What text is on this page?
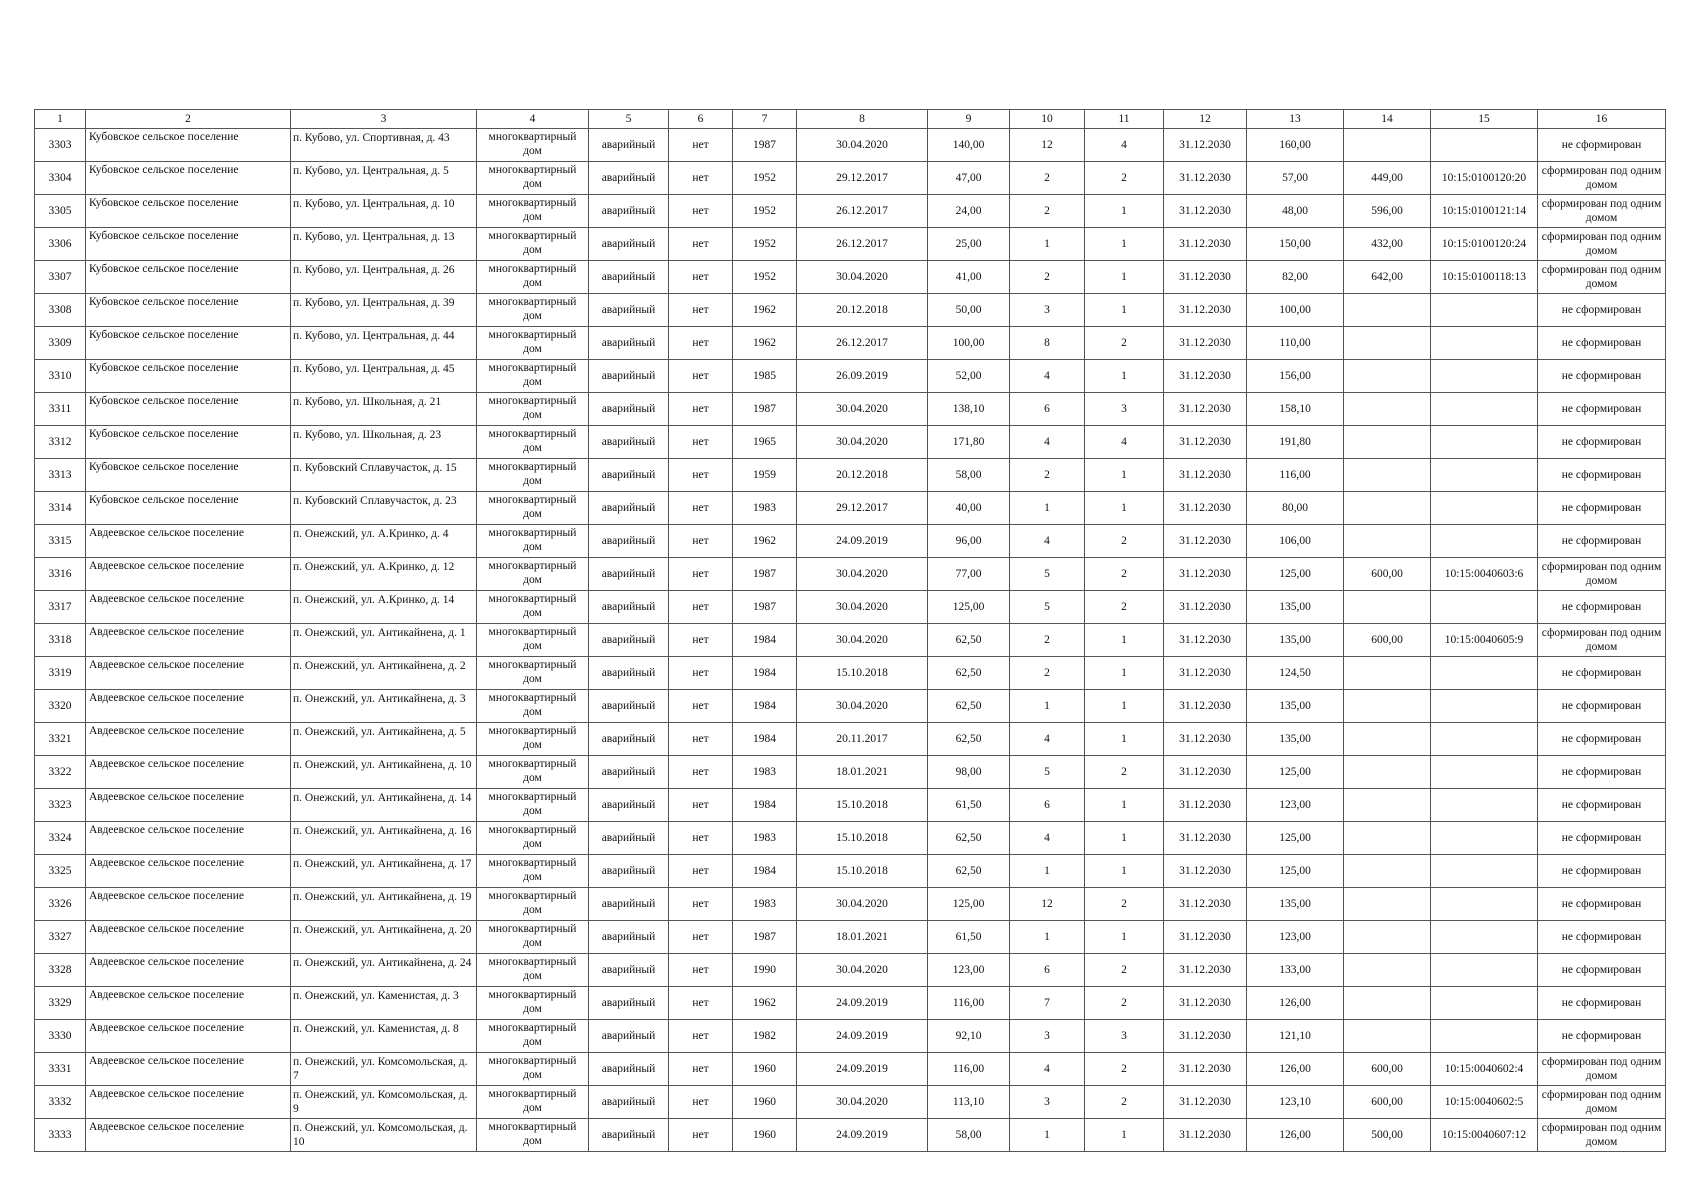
1	2	3	4	5	6	7	8	9	10	11	12	13	14	15	16
3303	Кубовское сельское поселение	п. Кубово, ул. Спортивная, д. 43	многоквартирный дом	аварийный	нет	1987	30.04.2020	140,00	12	4	31.12.2030	160,00			не сформирован
3304	Кубовское сельское поселение	п. Кубово, ул. Центральная, д. 5	многоквартирный дом	аварийный	нет	1952	29.12.2017	47,00	2	2	31.12.2030	57,00	449,00	10:15:0100120:20	сформирован под одним домом
3305	Кубовское сельское поселение	п. Кубово, ул. Центральная, д. 10	многоквартирный дом	аварийный	нет	1952	26.12.2017	24,00	2	1	31.12.2030	48,00	596,00	10:15:0100121:14	сформирован под одним домом
3306	Кубовское сельское поселение	п. Кубово, ул. Центральная, д. 13	многоквартирный дом	аварийный	нет	1952	26.12.2017	25,00	1	1	31.12.2030	150,00	432,00	10:15:0100120:24	сформирован под одним домом
3307	Кубовское сельское поселение	п. Кубово, ул. Центральная, д. 26	многоквартирный дом	аварийный	нет	1952	30.04.2020	41,00	2	1	31.12.2030	82,00	642,00	10:15:0100118:13	сформирован под одним домом
3308	Кубовское сельское поселение	п. Кубово, ул. Центральная, д. 39	многоквартирный дом	аварийный	нет	1962	20.12.2018	50,00	3	1	31.12.2030	100,00			не сформирован
3309	Кубовское сельское поселение	п. Кубово, ул. Центральная, д. 44	многоквартирный дом	аварийный	нет	1962	26.12.2017	100,00	8	2	31.12.2030	110,00			не сформирован
3310	Кубовское сельское поселение	п. Кубово, ул. Центральная, д. 45	многоквартирный дом	аварийный	нет	1985	26.09.2019	52,00	4	1	31.12.2030	156,00			не сформирован
3311	Кубовское сельское поселение	п. Кубово, ул. Школьная, д. 21	многоквартирный дом	аварийный	нет	1987	30.04.2020	138,10	6	3	31.12.2030	158,10			не сформирован
3312	Кубовское сельское поселение	п. Кубово, ул. Школьная, д. 23	многоквартирный дом	аварийный	нет	1965	30.04.2020	171,80	4	4	31.12.2030	191,80			не сформирован
3313	Кубовское сельское поселение	п. Кубовский Сплавучасток, д. 15	многоквартирный дом	аварийный	нет	1959	20.12.2018	58,00	2	1	31.12.2030	116,00			не сформирован
3314	Кубовское сельское поселение	п. Кубовский Сплавучасток, д. 23	многоквартирный дом	аварийный	нет	1983	29.12.2017	40,00	1	1	31.12.2030	80,00			не сформирован
3315	Авдеевское сельское поселение	п. Онежский, ул. А.Кринко, д. 4	многоквартирный дом	аварийный	нет	1962	24.09.2019	96,00	4	2	31.12.2030	106,00			не сформирован
3316	Авдеевское сельское поселение	п. Онежский, ул. А.Кринко, д. 12	многоквартирный дом	аварийный	нет	1987	30.04.2020	77,00	5	2	31.12.2030	125,00	600,00	10:15:0040603:6	сформирован под одним домом
3317	Авдеевское сельское поселение	п. Онежский, ул. А.Кринко, д. 14	многоквартирный дом	аварийный	нет	1987	30.04.2020	125,00	5	2	31.12.2030	135,00			не сформирован
3318	Авдеевское сельское поселение	п. Онежский, ул. Антикайнена, д. 1	многоквартирный дом	аварийный	нет	1984	30.04.2020	62,50	2	1	31.12.2030	135,00	600,00	10:15:0040605:9	сформирован под одним домом
3319	Авдеевское сельское поселение	п. Онежский, ул. Антикайнена, д. 2	многоквартирный дом	аварийный	нет	1984	15.10.2018	62,50	2	1	31.12.2030	124,50			не сформирован
3320	Авдеевское сельское поселение	п. Онежский, ул. Антикайнена, д. 3	многоквартирный дом	аварийный	нет	1984	30.04.2020	62,50	1	1	31.12.2030	135,00			не сформирован
3321	Авдеевское сельское поселение	п. Онежский, ул. Антикайнена, д. 5	многоквартирный дом	аварийный	нет	1984	20.11.2017	62,50	4	1	31.12.2030	135,00			не сформирован
3322	Авдеевское сельское поселение	п. Онежский, ул. Антикайнена, д. 10	многоквартирный дом	аварийный	нет	1983	18.01.2021	98,00	5	2	31.12.2030	125,00			не сформирован
3323	Авдеевское сельское поселение	п. Онежский, ул. Антикайнена, д. 14	многоквартирный дом	аварийный	нет	1984	15.10.2018	61,50	6	1	31.12.2030	123,00			не сформирован
3324	Авдеевское сельское поселение	п. Онежский, ул. Антикайнена, д. 16	многоквартирный дом	аварийный	нет	1983	15.10.2018	62,50	4	1	31.12.2030	125,00			не сформирован
3325	Авдеевское сельское поселение	п. Онежский, ул. Антикайнена, д. 17	многоквартирный дом	аварийный	нет	1984	15.10.2018	62,50	1	1	31.12.2030	125,00			не сформирован
3326	Авдеевское сельское поселение	п. Онежский, ул. Антикайнена, д. 19	многоквартирный дом	аварийный	нет	1983	30.04.2020	125,00	12	2	31.12.2030	135,00			не сформирован
3327	Авдеевское сельское поселение	п. Онежский, ул. Антикайнена, д. 20	многоквартирный дом	аварийный	нет	1987	18.01.2021	61,50	1	1	31.12.2030	123,00			не сформирован
3328	Авдеевское сельское поселение	п. Онежский, ул. Антикайнена, д. 24	многоквартирный дом	аварийный	нет	1990	30.04.2020	123,00	6	2	31.12.2030	133,00			не сформирован
3329	Авдеевское сельское поселение	п. Онежский, ул. Каменистая, д. 3	многоквартирный дом	аварийный	нет	1962	24.09.2019	116,00	7	2	31.12.2030	126,00			не сформирован
3330	Авдеевское сельское поселение	п. Онежский, ул. Каменистая, д. 8	многоквартирный дом	аварийный	нет	1982	24.09.2019	92,10	3	3	31.12.2030	121,10			не сформирован
3331	Авдеевское сельское поселение	п. Онежский, ул. Комсомольская, д. 7	многоквартирный дом	аварийный	нет	1960	24.09.2019	116,00	4	2	31.12.2030	126,00	600,00	10:15:0040602:4	сформирован под одним домом
3332	Авдеевское сельское поселение	п. Онежский, ул. Комсомольская, д. 9	многоквартирный дом	аварийный	нет	1960	30.04.2020	113,10	3	2	31.12.2030	123,10	600,00	10:15:0040602:5	сформирован под одним домом
3333	Авдеевское сельское поселение	п. Онежский, ул. Комсомольская, д. 10	многоквартирный дом	аварийный	нет	1960	24.09.2019	58,00	1	1	31.12.2030	126,00	500,00	10:15:0040607:12	сформирован под одним домом
